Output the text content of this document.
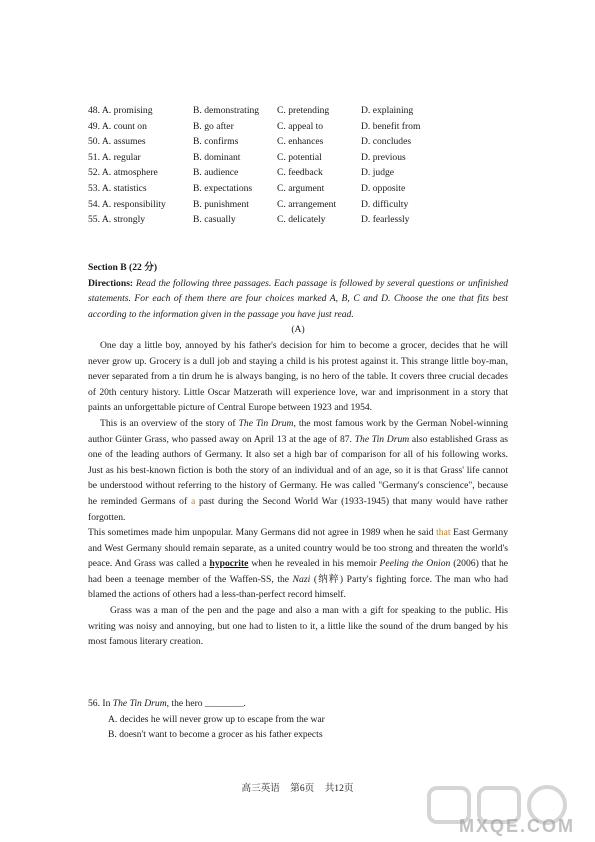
48. A. promising	B. demonstrating	C. pretending	D. explaining
49. A. count on	B. go after	C. appeal to	D. benefit from
50. A. assumes	B. confirms	C. enhances	D. concludes
51. A. regular	B. dominant	C. potential	D. previous
52. A. atmosphere	B. audience	C. feedback	D. judge
53. A. statistics	B. expectations	C. argument	D. opposite
54. A. responsibility	B. punishment	C. arrangement	D. difficulty
55. A. strongly	B. casually	C. delicately	D. fearlessly
Section B (22 分)

Directions: Read the following three passages. Each passage is followed by several questions or unfinished statements. For each of them there are four choices marked A, B, C and D. Choose the one that fits best according to the information given in the passage you have just read.

(A)

One day a little boy, annoyed by his father's decision for him to become a grocer, decides that he will never grow up. Grocery is a dull job and staying a child is his protest against it. This strange little boy-man, never separated from a tin drum he is always banging, is no hero of the table. It covers three crucial decades of 20th century history. Little Oscar Matzerath will experience love, war and imprisonment in a story that paints an unforgettable picture of Central Europe between 1923 and 1954.

This is an overview of the story of The Tin Drum, the most famous work by the German Nobel-winning author Günter Grass, who passed away on April 13 at the age of 87. The Tin Drum also established Grass as one of the leading authors of Germany. It also set a high bar of comparison for all of his following works. Just as his best-known fiction is both the story of an individual and of an age, so it is that Grass' life cannot be understood without referring to the history of Germany. He was called "Germany's conscience", because he reminded Germans of a past during the Second World War (1933-1945) that many would have rather forgotten.

This sometimes made him unpopular. Many Germans did not agree in 1989 when he said that East Germany and West Germany should remain separate, as a united country would be too strong and threaten the world's peace. And Grass was called a hypocrite when he revealed in his memoir Peeling the Onion (2006) that he had been a teenage member of the Waffen-SS, the Nazi (纳粹) Party's fighting force. The man who had blamed the actions of others had a less-than-perfect record himself.

Grass was a man of the pen and the page and also a man with a gift for speaking to the public. His writing was noisy and annoying, but one had to listen to it, a little like the sound of the drum banged by his most famous literary creation.

56. In The Tin Drum, the hero ________.

A. decides he will never grow up to escape from the war

B. doesn't want to become a grocer as his father expects

高三英语 第6页 共12页
MXQE.COM
